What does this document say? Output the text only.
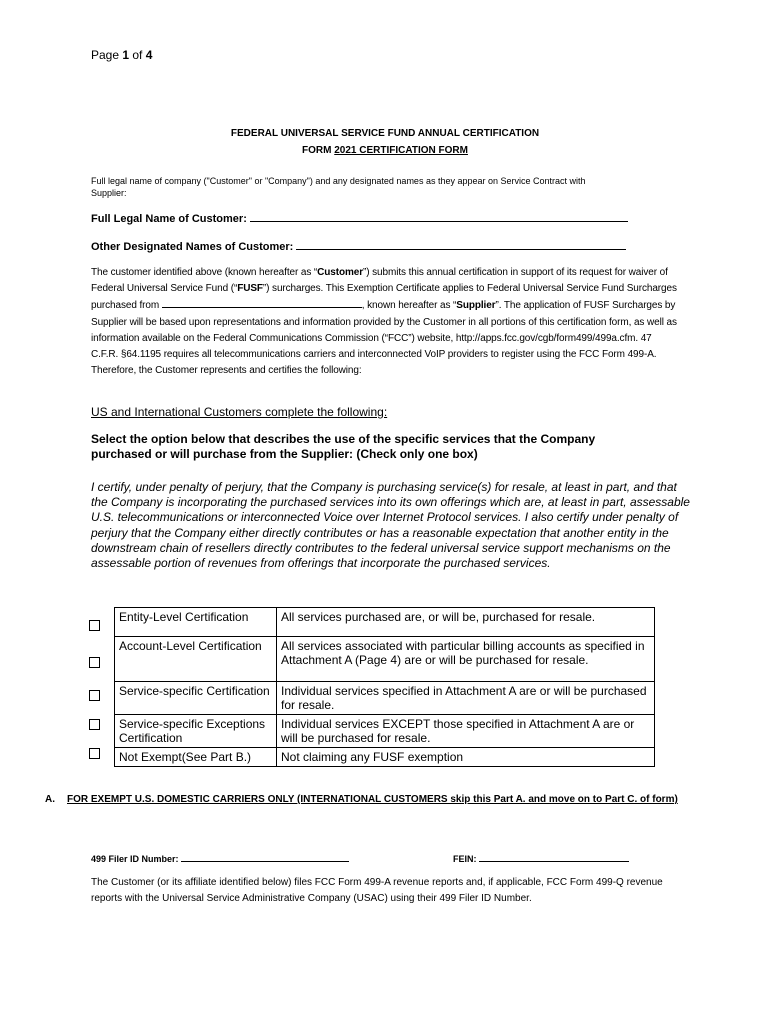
Page 1 of 4
FEDERAL UNIVERSAL SERVICE FUND ANNUAL CERTIFICATION
FORM 2021 CERTIFICATION FORM
Full legal name of company ("Customer" or "Company") and any designated names as they appear on Service Contract with Supplier:
Full Legal Name of Customer:
Other Designated Names of Customer:
The customer identified above (known hereafter as “Customer”) submits this annual certification in support of its request for waiver of Federal Universal Service Fund (“FUSF”) surcharges. This Exemption Certificate applies to Federal Universal Service Fund Surcharges purchased from	, known hereafter as “Supplier”. The application of FUSF Surcharges by Supplier will be based upon representations and information provided by the Customer in all portions of this certification form, as well as information available on the Federal Communications Commission (“FCC”) website, http://apps.fcc.gov/cgb/form499/499a.cfm. 47 C.F.R. §64.1195 requires all telecommunications carriers and interconnected VoIP providers to register using the FCC Form 499-A. Therefore, the Customer represents and certifies the following:
US and International Customers complete the following:
Select the option below that describes the use of the specific services that the Company purchased or will purchase from the Supplier: (Check only one box)
I certify, under penalty of perjury, that the Company is purchasing service(s) for resale, at least in part, and that the Company is incorporating the purchased services into its own offerings which are, at least in part, assessable U.S. telecommunications or interconnected Voice over Internet Protocol services. I also certify under penalty of perjury that the Company either directly contributes or has a reasonable expectation that another entity in the downstream chain of resellers directly contributes to the federal universal service support mechanisms on the assessable portion of revenues from offerings that incorporate the purchased services.
Entity-Level Certification	All services purchased are, or will be, purchased for resale.
Account-Level Certification	All services associated with particular billing accounts as specified in Attachment A (Page 4) are or will be purchased for resale.
Service-specific Certification	Individual services specified in Attachment A are or will be purchased for resale.
Service-specific Exceptions Certification	Individual services EXCEPT those specified in Attachment A are or will be purchased for resale.
Not Exempt(See Part B.)	Not claiming any FUSF exemption
A. FOR EXEMPT U.S. DOMESTIC CARRIERS ONLY (INTERNATIONAL CUSTOMERS skip this Part A. and move on to Part C. of form)
499 Filer ID Number:	FEIN:
The Customer (or its affiliate identified below) files FCC Form 499-A revenue reports and, if applicable, FCC Form 499-Q revenue reports with the Universal Service Administrative Company (USAC) using their 499 Filer ID Number.
